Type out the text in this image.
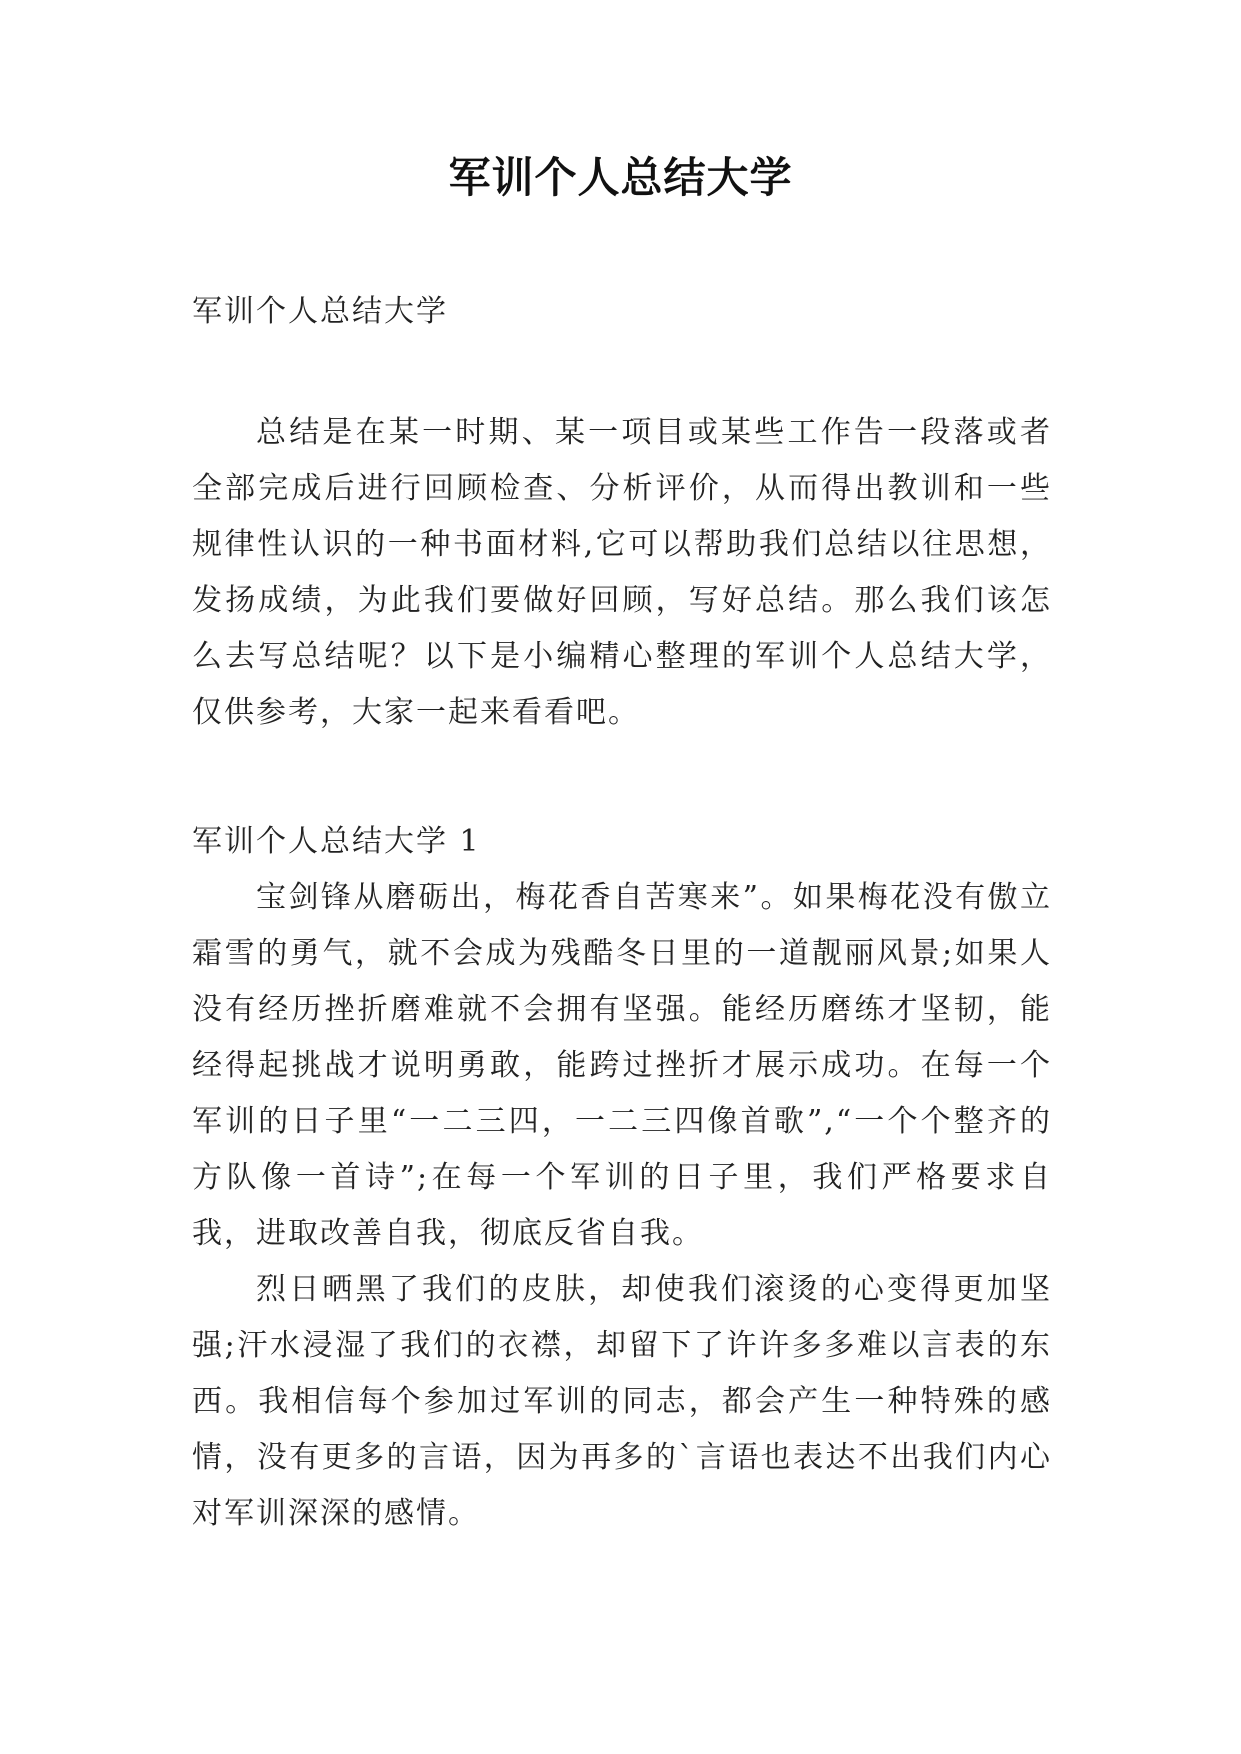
军训个人总结大学

军训个人总结大学

总结是在某一时期、某一项目或某些工作告一段落或者全部完成后进行回顾检查、分析评价，从而得出教训和一些规律性认识的一种书面材料,它可以帮助我们总结以往思想，发扬成绩，为此我们要做好回顾，写好总结。那么我们该怎么去写总结呢？以下是小编精心整理的军训个人总结大学，仅供参考，大家一起来看看吧。

军训个人总结大学 1

宝剑锋从磨砺出，梅花香自苦寒来”。如果梅花没有傲立霜雪的勇气，就不会成为残酷冬日里的一道靓丽风景;如果人没有经历挫折磨难就不会拥有坚强。能经历磨练才坚韧，能经得起挑战才说明勇敢，能跨过挫折才展示成功。在每一个军训的日子里“一二三四，一二三四像首歌”,“一个个整齐的方队像一首诗”;在每一个军训的日子里，我们严格要求自我，进取改善自我，彻底反省自我。

烈日晒黑了我们的皮肤，却使我们滚烫的心变得更加坚强;汗水浸湿了我们的衣襟，却留下了许许多多难以言表的东西。我相信每个参加过军训的同志，都会产生一种特殊的感情，没有更多的言语，因为再多的`言语也表达不出我们内心对军训深深的感情。
